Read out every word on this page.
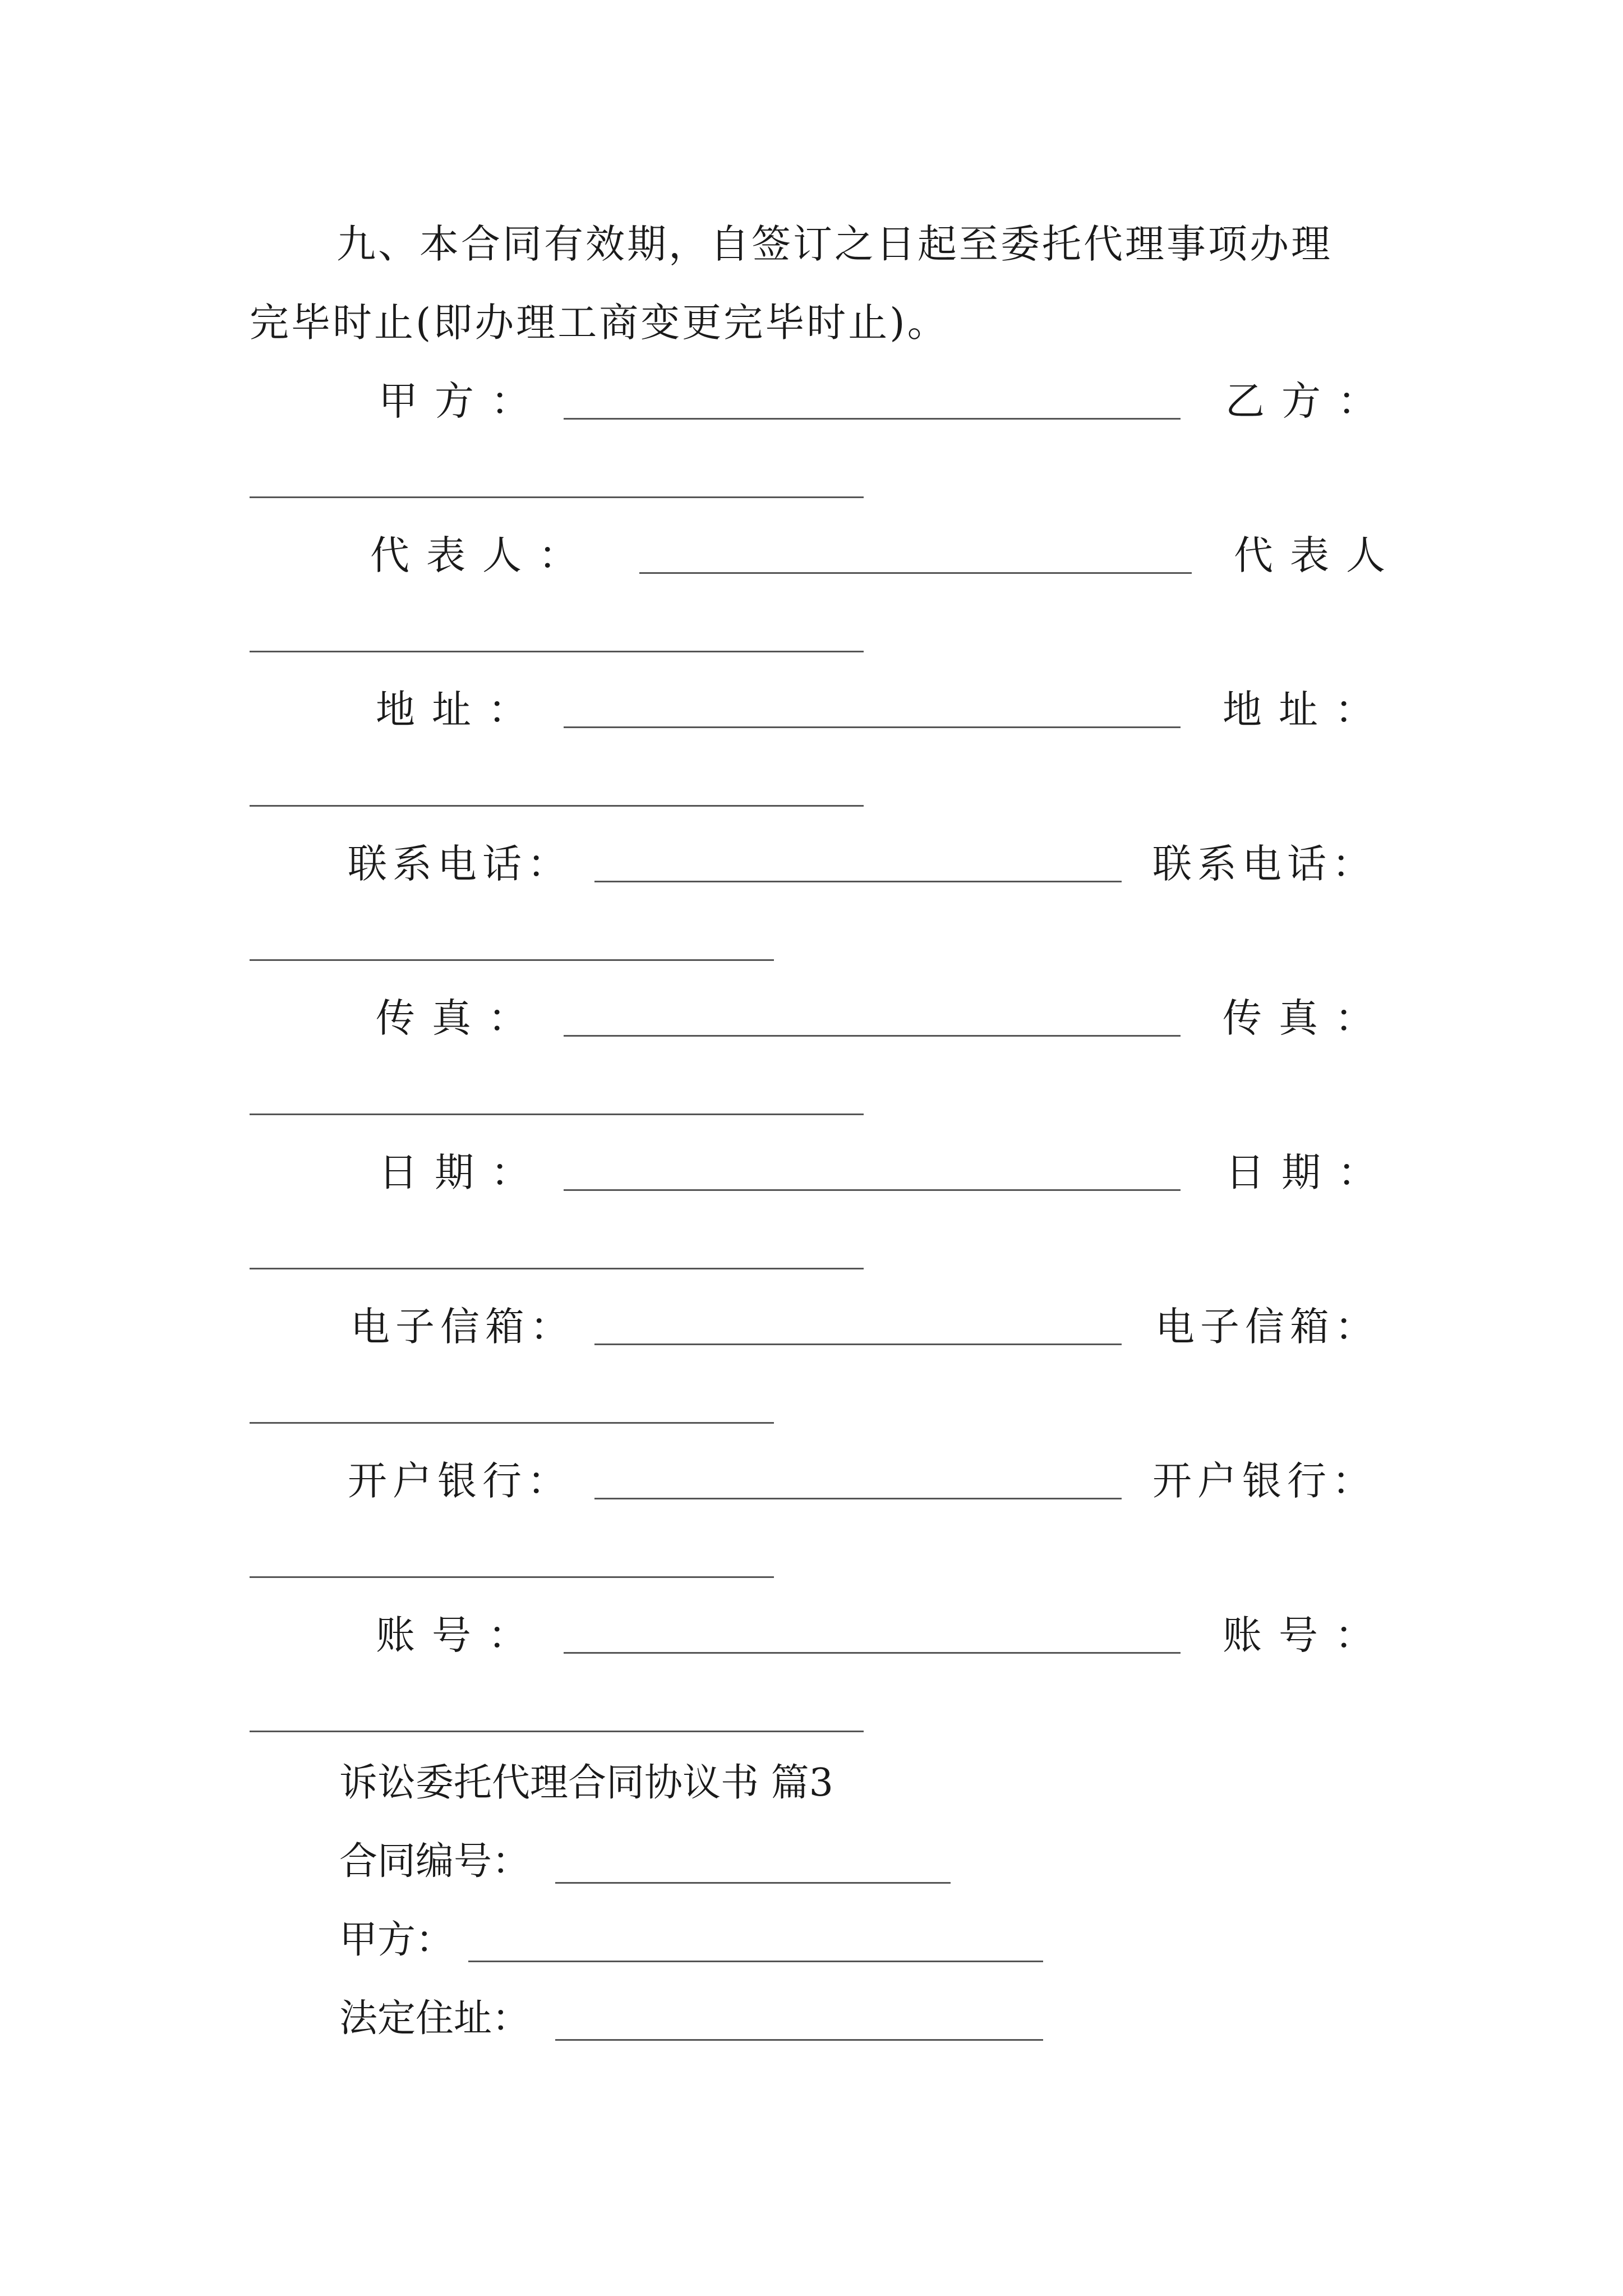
九、本合同有效期，自签订之日起至委托代理事项办理
完毕时止(即办理工商变更完毕时止)。
甲方：	乙方：
代表人：	代表人
地址：	地址：
联系电话：	联系电话：
传真：	传真：
日期：	日期：
电子信箱：	电子信箱：
开户银行：	开户银行：
账号：	账号：
诉讼委托代理合同协议书 篇3
合同编号：
甲方：
法定住址：
